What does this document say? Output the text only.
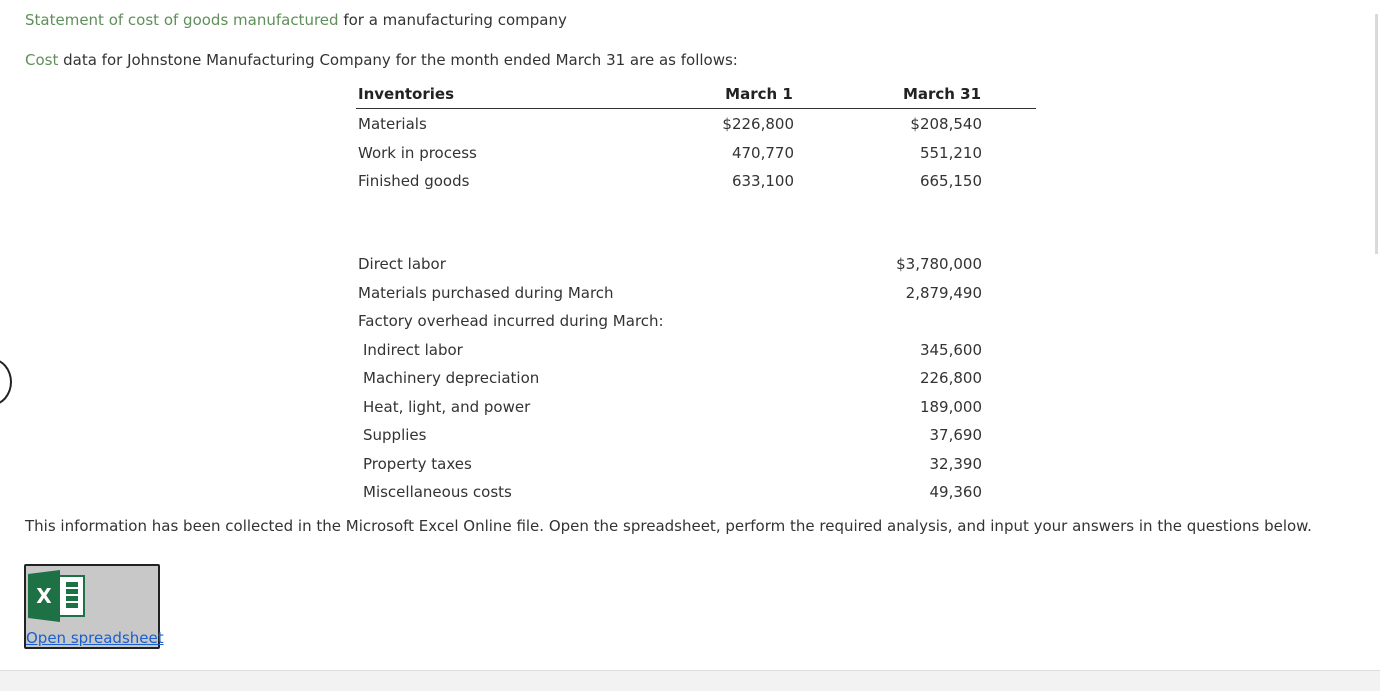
Statement of cost of goods manufactured for a manufacturing company
Cost data for Johnstone Manufacturing Company for the month ended March 31 are as follows:
Inventories	March 1	March 31
Materials	$226,800	$208,540
Work in process	470,770	551,210
Finished goods	633,100	665,150
Direct labor	$3,780,000
Materials purchased during March	2,879,490
Factory overhead incurred during March:
Indirect labor	345,600
Machinery depreciation	226,800
Heat, light, and power	189,000
Supplies	37,690
Property taxes	32,390
Miscellaneous costs	49,360
This information has been collected in the Microsoft Excel Online file. Open the spreadsheet, perform the required analysis, and input your answers in the questions below.
X
Open spreadsheet
